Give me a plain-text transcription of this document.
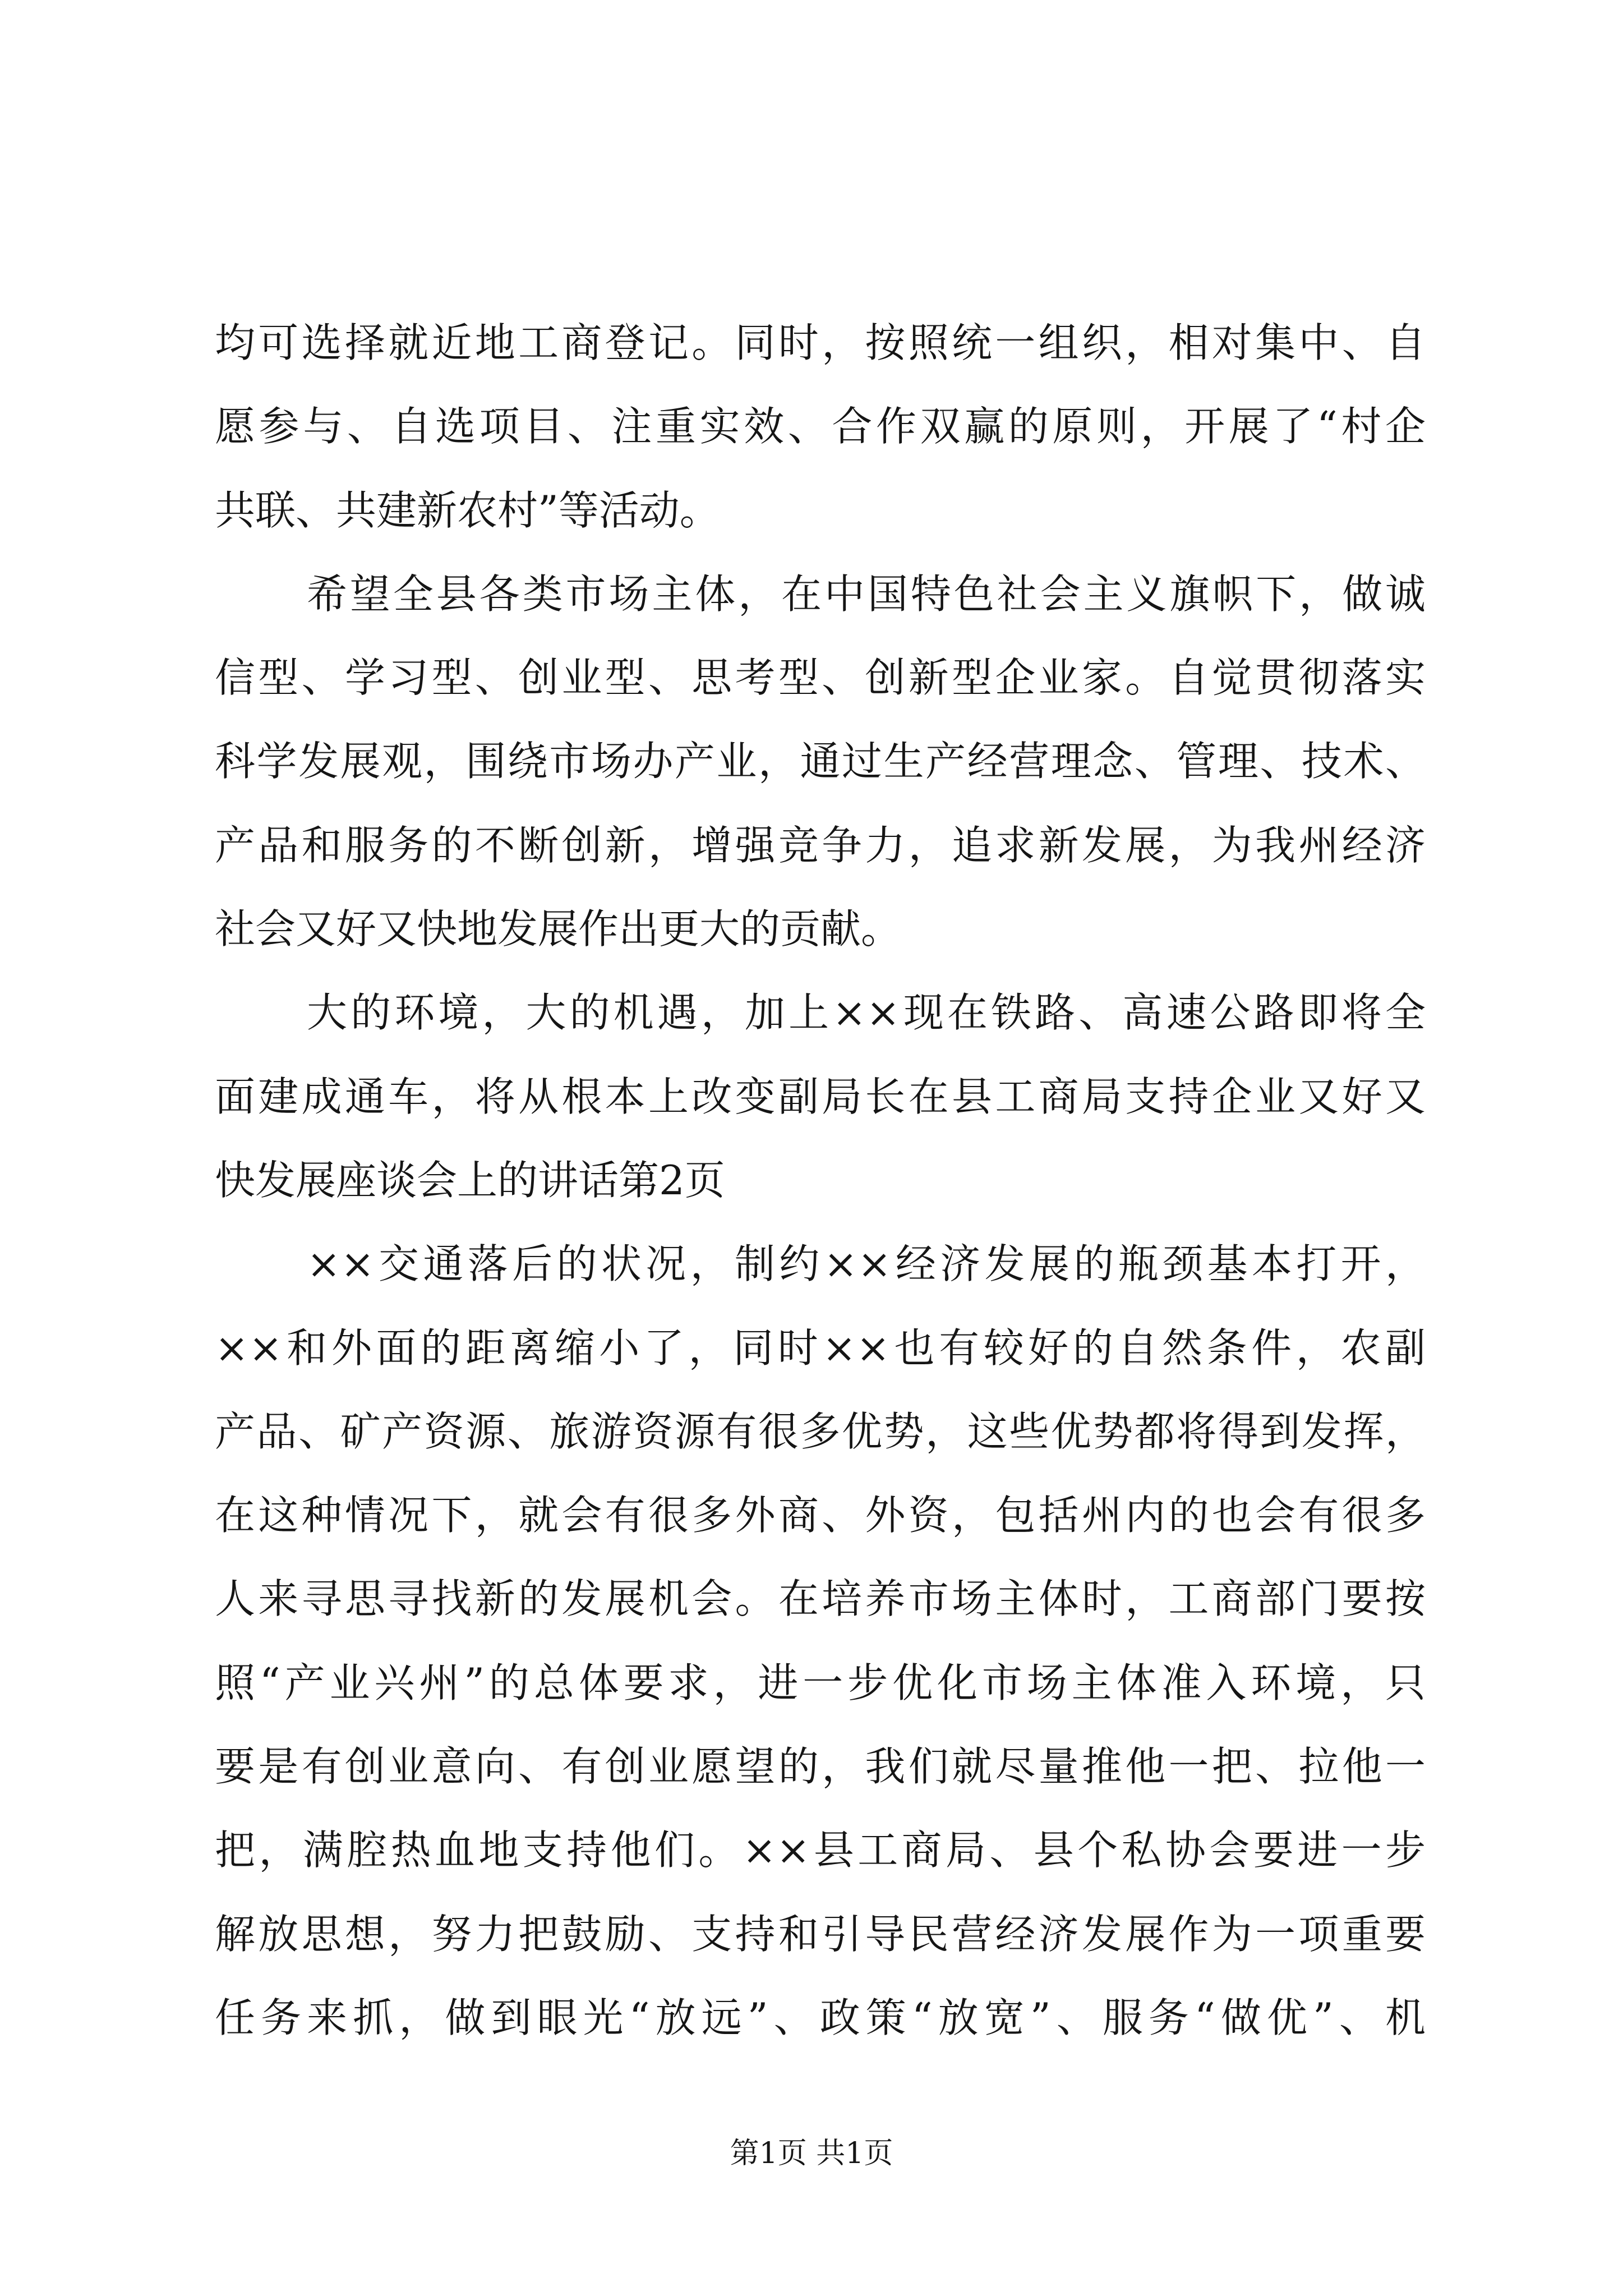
均可选择就近地工商登记。同时，按照统一组织，相对集中、自
愿参与、自选项目、注重实效、合作双赢的原则，开展了“村企
共联、共建新农村”等活动。
希望全县各类市场主体，在中国特色社会主义旗帜下，做诚
信型、学习型、创业型、思考型、创新型企业家。自觉贯彻落实
科学发展观，围绕市场办产业，通过生产经营理念、管理、技术、
产品和服务的不断创新，增强竞争力，追求新发展，为我州经济
社会又好又快地发展作出更大的贡献。
大的环境，大的机遇，加上××现在铁路、高速公路即将全
面建成通车，将从根本上改变副局长在县工商局支持企业又好又
快发展座谈会上的讲话第2页
××交通落后的状况，制约××经济发展的瓶颈基本打开，
××和外面的距离缩小了，同时××也有较好的自然条件，农副
产品、矿产资源、旅游资源有很多优势，这些优势都将得到发挥，
在这种情况下，就会有很多外商、外资，包括州内的也会有很多
人来寻思寻找新的发展机会。在培养市场主体时，工商部门要按
照“产业兴州”的总体要求，进一步优化市场主体准入环境，只
要是有创业意向、有创业愿望的，我们就尽量推他一把、拉他一
把，满腔热血地支持他们。××县工商局、县个私协会要进一步
解放思想，努力把鼓励、支持和引导民营经济发展作为一项重要
任务来抓，做到眼光“放远”、政策“放宽”、服务“做优”、机
第1页 共1页
